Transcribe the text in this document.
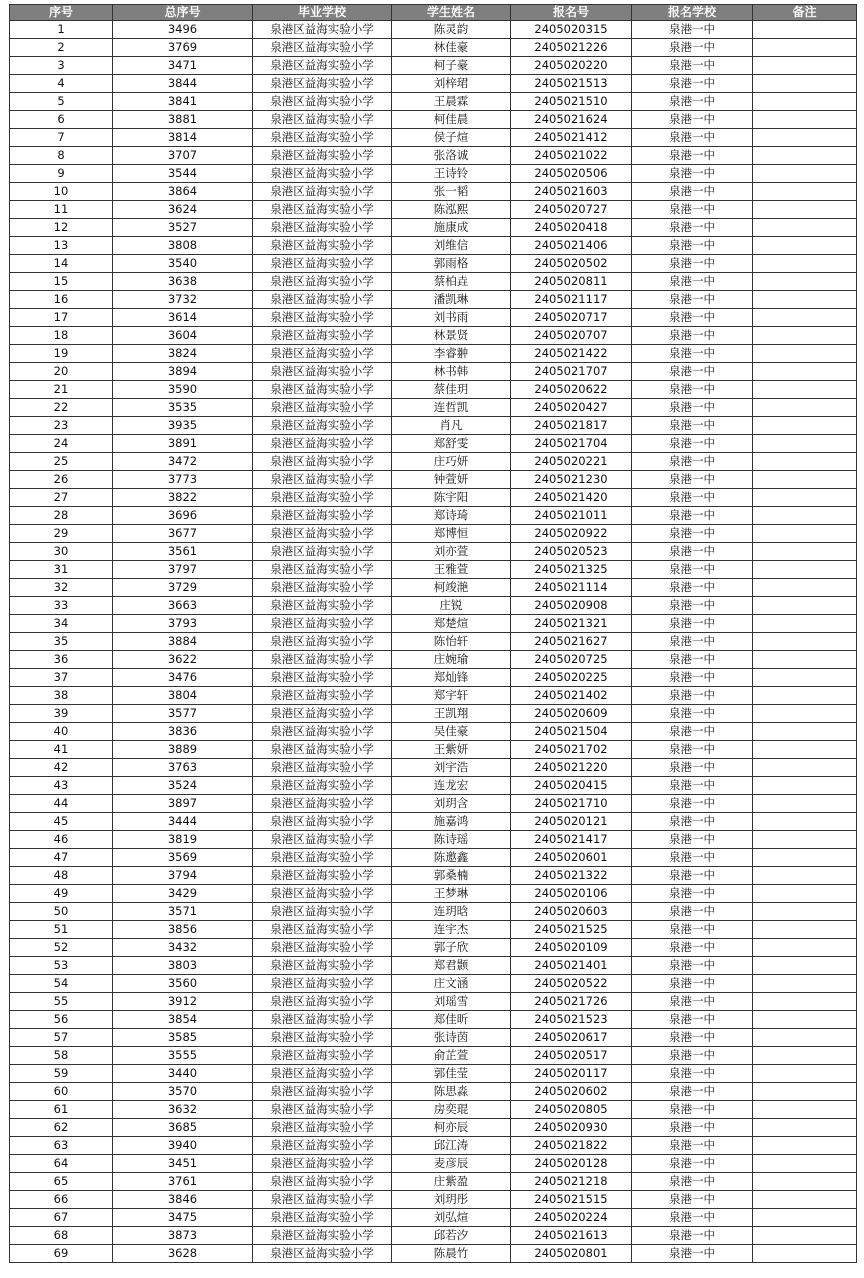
序号	总序号	毕业学校	学生姓名	报名号	报名学校	备注
1	3496	泉港区益海实验小学	陈灵韵	2405020315	泉港一中	
2	3769	泉港区益海实验小学	林佳豪	2405021226	泉港一中	
3	3471	泉港区益海实验小学	柯子豪	2405020220	泉港一中	
4	3844	泉港区益海实验小学	刘梓珺	2405021513	泉港一中	
5	3841	泉港区益海实验小学	王晨霖	2405021510	泉港一中	
6	3881	泉港区益海实验小学	柯佳晨	2405021624	泉港一中	
7	3814	泉港区益海实验小学	侯子煊	2405021412	泉港一中	
8	3707	泉港区益海实验小学	张洛诚	2405021022	泉港一中	
9	3544	泉港区益海实验小学	王诗铃	2405020506	泉港一中	
10	3864	泉港区益海实验小学	张一韬	2405021603	泉港一中	
11	3624	泉港区益海实验小学	陈泓熙	2405020727	泉港一中	
12	3527	泉港区益海实验小学	施康成	2405020418	泉港一中	
13	3808	泉港区益海实验小学	刘维信	2405021406	泉港一中	
14	3540	泉港区益海实验小学	郭雨格	2405020502	泉港一中	
15	3638	泉港区益海实验小学	蔡柏垚	2405020811	泉港一中	
16	3732	泉港区益海实验小学	潘凯琳	2405021117	泉港一中	
17	3614	泉港区益海实验小学	刘书雨	2405020717	泉港一中	
18	3604	泉港区益海实验小学	林景贤	2405020707	泉港一中	
19	3824	泉港区益海实验小学	李睿翀	2405021422	泉港一中	
20	3894	泉港区益海实验小学	林书韩	2405021707	泉港一中	
21	3590	泉港区益海实验小学	蔡佳玥	2405020622	泉港一中	
22	3535	泉港区益海实验小学	连哲凯	2405020427	泉港一中	
23	3935	泉港区益海实验小学	肖凡	2405021817	泉港一中	
24	3891	泉港区益海实验小学	郑舒雯	2405021704	泉港一中	
25	3472	泉港区益海实验小学	庄巧妍	2405020221	泉港一中	
26	3773	泉港区益海实验小学	钟萱妍	2405021230	泉港一中	
27	3822	泉港区益海实验小学	陈宇阳	2405021420	泉港一中	
28	3696	泉港区益海实验小学	郑诗琦	2405021011	泉港一中	
29	3677	泉港区益海实验小学	郑博恒	2405020922	泉港一中	
30	3561	泉港区益海实验小学	刘亦萱	2405020523	泉港一中	
31	3797	泉港区益海实验小学	王雅萱	2405021325	泉港一中	
32	3729	泉港区益海实验小学	柯竣滟	2405021114	泉港一中	
33	3663	泉港区益海实验小学	庄锐	2405020908	泉港一中	
34	3793	泉港区益海实验小学	郑楚煊	2405021321	泉港一中	
35	3884	泉港区益海实验小学	陈怡轩	2405021627	泉港一中	
36	3622	泉港区益海实验小学	庄婉瑜	2405020725	泉港一中	
37	3476	泉港区益海实验小学	郑灿锋	2405020225	泉港一中	
38	3804	泉港区益海实验小学	郑宇轩	2405021402	泉港一中	
39	3577	泉港区益海实验小学	王凯翔	2405020609	泉港一中	
40	3836	泉港区益海实验小学	吴佳豪	2405021504	泉港一中	
41	3889	泉港区益海实验小学	王紫妍	2405021702	泉港一中	
42	3763	泉港区益海实验小学	刘宇浩	2405021220	泉港一中	
43	3524	泉港区益海实验小学	连龙宏	2405020415	泉港一中	
44	3897	泉港区益海实验小学	刘玥含	2405021710	泉港一中	
45	3444	泉港区益海实验小学	施嘉鸿	2405020121	泉港一中	
46	3819	泉港区益海实验小学	陈诗瑶	2405021417	泉港一中	
47	3569	泉港区益海实验小学	陈邀鑫	2405020601	泉港一中	
48	3794	泉港区益海实验小学	郭桑楠	2405021322	泉港一中	
49	3429	泉港区益海实验小学	王梦琳	2405020106	泉港一中	
50	3571	泉港区益海实验小学	连玥晗	2405020603	泉港一中	
51	3856	泉港区益海实验小学	连宇杰	2405021525	泉港一中	
52	3432	泉港区益海实验小学	郭子欣	2405020109	泉港一中	
53	3803	泉港区益海实验小学	郑君颢	2405021401	泉港一中	
54	3560	泉港区益海实验小学	庄文涵	2405020522	泉港一中	
55	3912	泉港区益海实验小学	刘瑶雪	2405021726	泉港一中	
56	3854	泉港区益海实验小学	郑佳昕	2405021523	泉港一中	
57	3585	泉港区益海实验小学	张诗茵	2405020617	泉港一中	
58	3555	泉港区益海实验小学	俞芷萱	2405020517	泉港一中	
59	3440	泉港区益海实验小学	郭佳莹	2405020117	泉港一中	
60	3570	泉港区益海实验小学	陈思淼	2405020602	泉港一中	
61	3632	泉港区益海实验小学	房奕琨	2405020805	泉港一中	
62	3685	泉港区益海实验小学	柯亦辰	2405020930	泉港一中	
63	3940	泉港区益海实验小学	邱江涛	2405021822	泉港一中	
64	3451	泉港区益海实验小学	麦彦辰	2405020128	泉港一中	
65	3761	泉港区益海实验小学	庄紫盈	2405021218	泉港一中	
66	3846	泉港区益海实验小学	刘玥彤	2405021515	泉港一中	
67	3475	泉港区益海实验小学	刘弘煊	2405020224	泉港一中	
68	3873	泉港区益海实验小学	邱若汐	2405021613	泉港一中	
69	3628	泉港区益海实验小学	陈晨竹	2405020801	泉港一中	
